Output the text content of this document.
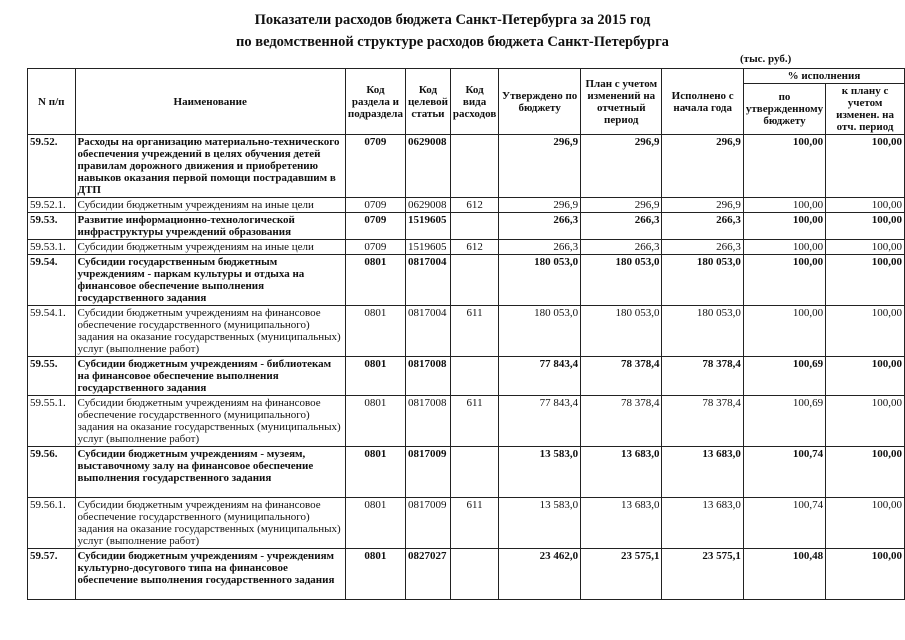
Показатели расходов бюджета Санкт-Петербурга за 2015 год
по ведомственной структуре расходов бюджета Санкт-Петербурга
(тыс. руб.)
N п/п	Наименование	Код раздела и подраздела	Код целевой статьи	Код вида расходов	Утверждено по бюджету	План с учетом изменений на отчетный период	Исполнено с начала года	% исполнения	
								по утвержденному бюджету	к плану с учетом изменен. на отч. период
59.52.	Расходы на организацию материально-технического обеспечения учреждений в целях обучения детей правилам дорожного движения и приобретению навыков оказания первой помощи пострадавшим в ДТП	0709	0629008		296,9	296,9	296,9	100,00	100,00
59.52.1.	Субсидии бюджетным учреждениям на иные цели	0709	0629008	612	296,9	296,9	296,9	100,00	100,00
59.53.	Развитие информационно-технологической инфраструктуры учреждений образования	0709	1519605		266,3	266,3	266,3	100,00	100,00
59.53.1.	Субсидии бюджетным учреждениям на иные цели	0709	1519605	612	266,3	266,3	266,3	100,00	100,00
59.54.	Субсидии государственным бюджетным учреждениям - паркам культуры и отдыха на финансовое обеспечение выполнения государственного задания	0801	0817004		180 053,0	180 053,0	180 053,0	100,00	100,00
59.54.1.	Субсидии бюджетным учреждениям на финансовое обеспечение государственного (муниципального) задания на оказание государственных (муниципальных) услуг (выполнение работ)	0801	0817004	611	180 053,0	180 053,0	180 053,0	100,00	100,00
59.55.	Субсидии бюджетным учреждениям - библиотекам на финансовое обеспечение выполнения государственного задания	0801	0817008		77 843,4	78 378,4	78 378,4	100,69	100,00
59.55.1.	Субсидии бюджетным учреждениям на финансовое обеспечение государственного (муниципального) задания на оказание государственных (муниципальных) услуг (выполнение работ)	0801	0817008	611	77 843,4	78 378,4	78 378,4	100,69	100,00
59.56.	Субсидии бюджетным учреждениям - музеям, выставочному залу на финансовое обеспечение выполнения государственного задания	0801	0817009		13 583,0	13 683,0	13 683,0	100,74	100,00
59.56.1.	Субсидии бюджетным учреждениям на финансовое обеспечение государственного (муниципального) задания на оказание государственных (муниципальных) услуг (выполнение работ)	0801	0817009	611	13 583,0	13 683,0	13 683,0	100,74	100,00
59.57.	Субсидии бюджетным учреждениям - учреждениям культурно-досугового типа на финансовое обеспечение выполнения государственного задания	0801	0827027		23 462,0	23 575,1	23 575,1	100,48	100,00
